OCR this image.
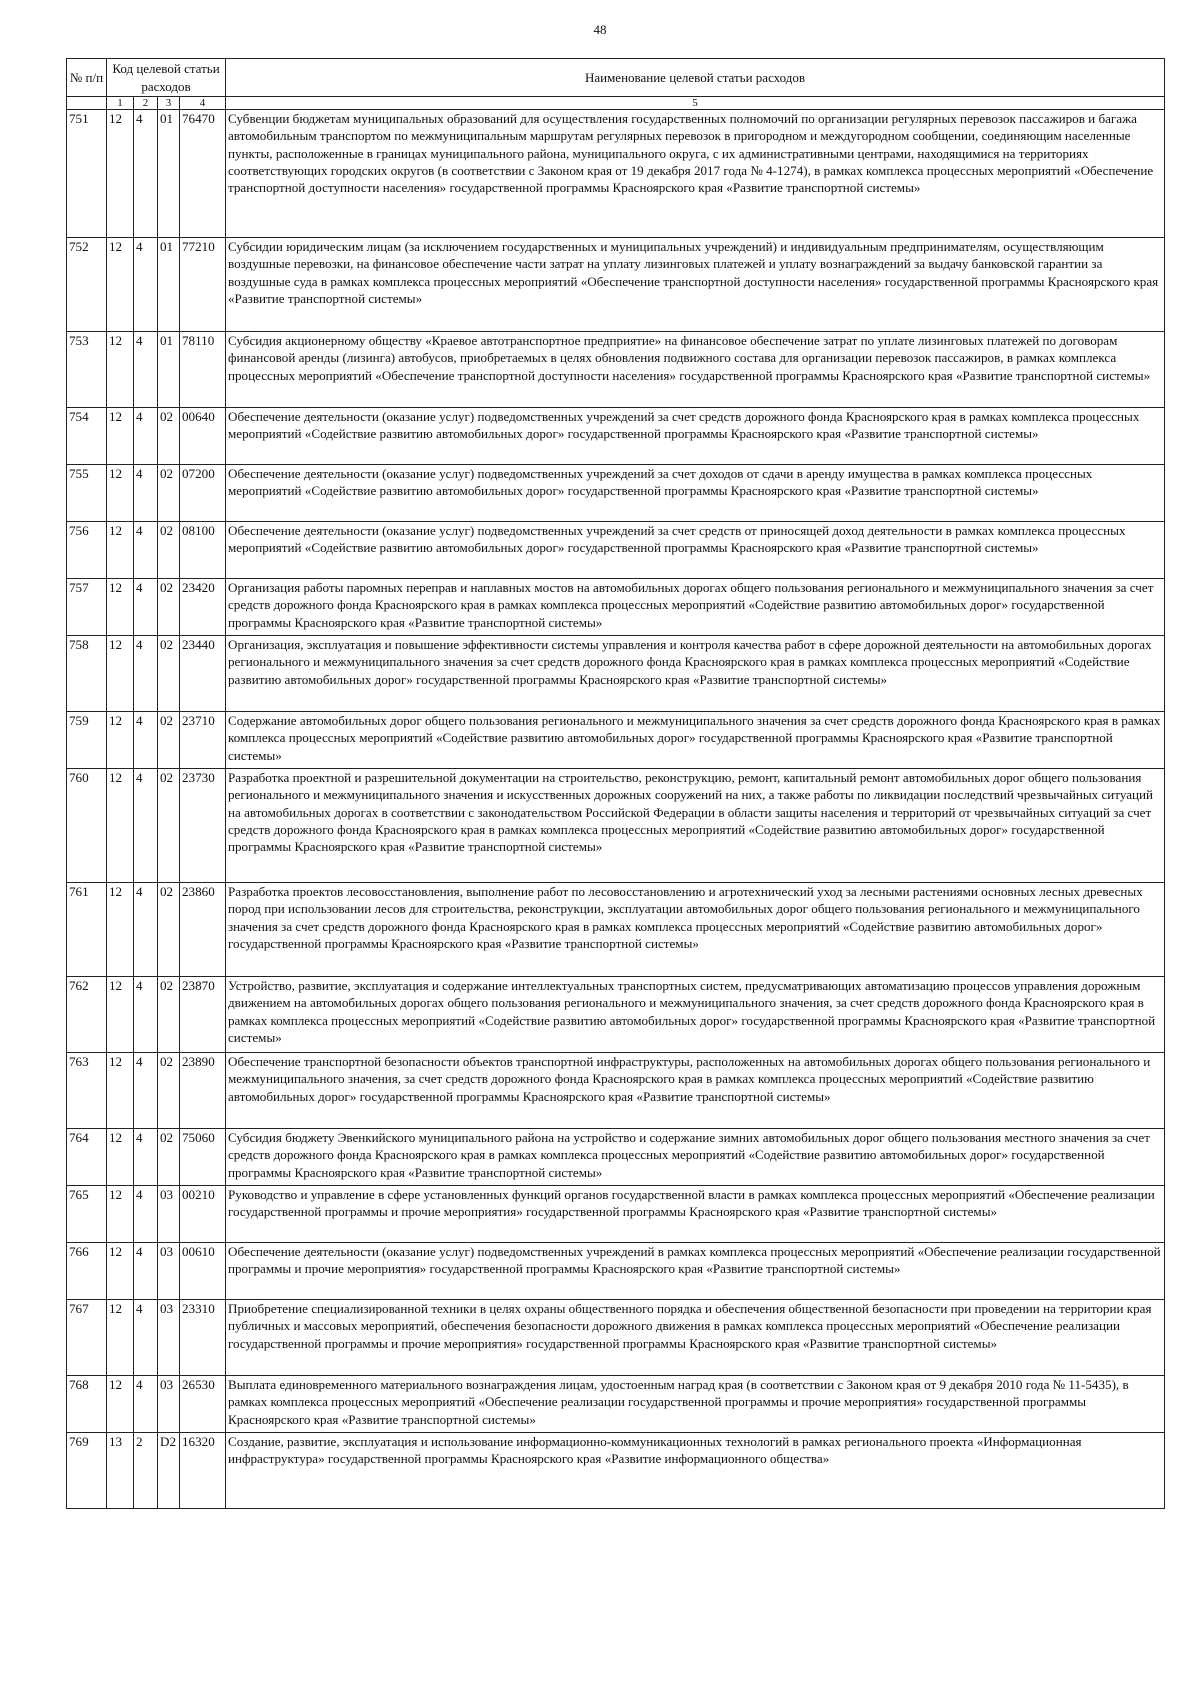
48
№ п/п	Код целевой статьи расходов				Наименование целевой статьи расходов
	1	2	3	4	5
751	12	4	01	76470	Субвенции бюджетам муниципальных образований для осуществления государственных полномочий по организации регулярных перевозок пассажиров и багажа автомобильным транспортом по межмуниципальным маршрутам регулярных перевозок в пригородном и междугородном сообщении, соединяющим населенные пункты, расположенные в границах муниципального района, муниципального округа, с их административными центрами, находящимися на территориях соответствующих городских округов (в соответствии с Законом края от 19 декабря 2017 года № 4-1274), в рамках комплекса процессных мероприятий «Обеспечение транспортной доступности населения» государственной программы Красноярского края «Развитие транспортной системы»
752	12	4	01	77210	Субсидии юридическим лицам (за исключением государственных и муниципальных учреждений) и индивидуальным предпринимателям, осуществляющим воздушные перевозки, на финансовое обеспечение части затрат на уплату лизинговых платежей и уплату вознаграждений за выдачу банковской гарантии за воздушные суда в рамках комплекса процессных мероприятий «Обеспечение транспортной доступности населения» государственной программы Красноярского края «Развитие транспортной системы»
753	12	4	01	78110	Субсидия акционерному обществу «Краевое автотранспортное предприятие» на финансовое обеспечение затрат по уплате лизинговых платежей по договорам финансовой аренды (лизинга) автобусов, приобретаемых в целях обновления подвижного состава для организации перевозок пассажиров, в рамках комплекса процессных мероприятий «Обеспечение транспортной доступности населения» государственной программы Красноярского края «Развитие транспортной системы»
754	12	4	02	00640	Обеспечение деятельности (оказание услуг) подведомственных учреждений за счет средств дорожного фонда Красноярского края в рамках комплекса процессных мероприятий «Содействие развитию автомобильных дорог» государственной программы Красноярского края «Развитие транспортной системы»
755	12	4	02	07200	Обеспечение деятельности (оказание услуг) подведомственных учреждений за счет доходов от сдачи в аренду имущества в рамках комплекса процессных мероприятий «Содействие развитию автомобильных дорог» государственной программы Красноярского края «Развитие транспортной системы»
756	12	4	02	08100	Обеспечение деятельности (оказание услуг) подведомственных учреждений за счет средств от приносящей доход деятельности в рамках комплекса процессных мероприятий «Содействие развитию автомобильных дорог» государственной программы Красноярского края «Развитие транспортной системы»
757	12	4	02	23420	Организация работы паромных переправ и наплавных мостов на автомобильных дорогах общего пользования регионального и межмуниципального значения за счет средств дорожного фонда Красноярского края в рамках комплекса процессных мероприятий «Содействие развитию автомобильных дорог» государственной программы Красноярского края «Развитие транспортной системы»
758	12	4	02	23440	Организация, эксплуатация и повышение эффективности системы управления и контроля качества работ в сфере дорожной деятельности на автомобильных дорогах регионального и межмуниципального значения за счет средств дорожного фонда Красноярского края в рамках комплекса процессных мероприятий «Содействие развитию автомобильных дорог» государственной программы Красноярского края «Развитие транспортной системы»
759	12	4	02	23710	Содержание автомобильных дорог общего пользования регионального и межмуниципального значения за счет средств дорожного фонда Красноярского края в рамках комплекса процессных мероприятий «Содействие развитию автомобильных дорог» государственной программы Красноярского края «Развитие транспортной системы»
760	12	4	02	23730	Разработка проектной и разрешительной документации на строительство, реконструкцию, ремонт, капитальный ремонт автомобильных дорог общего пользования регионального и межмуниципального значения и искусственных дорожных сооружений на них, а также работы по ликвидации последствий чрезвычайных ситуаций на автомобильных дорогах в соответствии с законодательством Российской Федерации в области защиты населения и территорий от чрезвычайных ситуаций за счет средств дорожного фонда Красноярского края в рамках комплекса процессных мероприятий «Содействие развитию автомобильных дорог» государственной программы Красноярского края «Развитие транспортной системы»
761	12	4	02	23860	Разработка проектов лесовосстановления, выполнение работ по лесовосстановлению и агротехнический уход за лесными растениями основных лесных древесных пород при использовании лесов для строительства, реконструкции, эксплуатации автомобильных дорог общего пользования регионального и межмуниципального значения за счет средств дорожного фонда Красноярского края в рамках комплекса процессных мероприятий «Содействие развитию автомобильных дорог» государственной программы Красноярского края «Развитие транспортной системы»
762	12	4	02	23870	Устройство, развитие, эксплуатация и содержание интеллектуальных транспортных систем, предусматривающих автоматизацию процессов управления дорожным движением на автомобильных дорогах общего пользования регионального и межмуниципального значения, за счет средств дорожного фонда Красноярского края в рамках комплекса процессных мероприятий «Содействие развитию автомобильных дорог» государственной программы Красноярского края «Развитие транспортной системы»
763	12	4	02	23890	Обеспечение транспортной безопасности объектов транспортной инфраструктуры, расположенных на автомобильных дорогах общего пользования регионального и межмуниципального значения, за счет средств дорожного фонда Красноярского края в рамках комплекса процессных мероприятий «Содействие развитию автомобильных дорог» государственной программы Красноярского края «Развитие транспортной системы»
764	12	4	02	75060	Субсидия бюджету Эвенкийского муниципального района на устройство и содержание зимних автомобильных дорог общего пользования местного значения за счет средств дорожного фонда Красноярского края в рамках комплекса процессных мероприятий «Содействие развитию автомобильных дорог» государственной программы Красноярского края «Развитие транспортной системы»
765	12	4	03	00210	Руководство и управление в сфере установленных функций органов государственной власти в рамках комплекса процессных мероприятий «Обеспечение реализации государственной программы и прочие мероприятия» государственной программы Красноярского края «Развитие транспортной системы»
766	12	4	03	00610	Обеспечение деятельности (оказание услуг) подведомственных учреждений в рамках комплекса процессных мероприятий «Обеспечение реализации государственной программы и прочие мероприятия» государственной программы Красноярского края «Развитие транспортной системы»
767	12	4	03	23310	Приобретение специализированной техники в целях охраны общественного порядка и обеспечения общественной безопасности при проведении на территории края публичных и массовых мероприятий, обеспечения безопасности дорожного движения в рамках комплекса процессных мероприятий «Обеспечение реализации государственной программы и прочие мероприятия» государственной программы Красноярского края «Развитие транспортной системы»
768	12	4	03	26530	Выплата единовременного материального вознаграждения лицам, удостоенным наград края (в соответствии с Законом края от 9 декабря 2010 года № 11-5435), в рамках комплекса процессных мероприятий «Обеспечение реализации государственной программы и прочие мероприятия» государственной программы Красноярского края «Развитие транспортной системы»
769	13	2	D2	16320	Создание, развитие, эксплуатация и использование информационно-коммуникационных технологий в рамках регионального проекта «Информационная инфраструктура» государственной программы Красноярского края «Развитие информационного общества»
